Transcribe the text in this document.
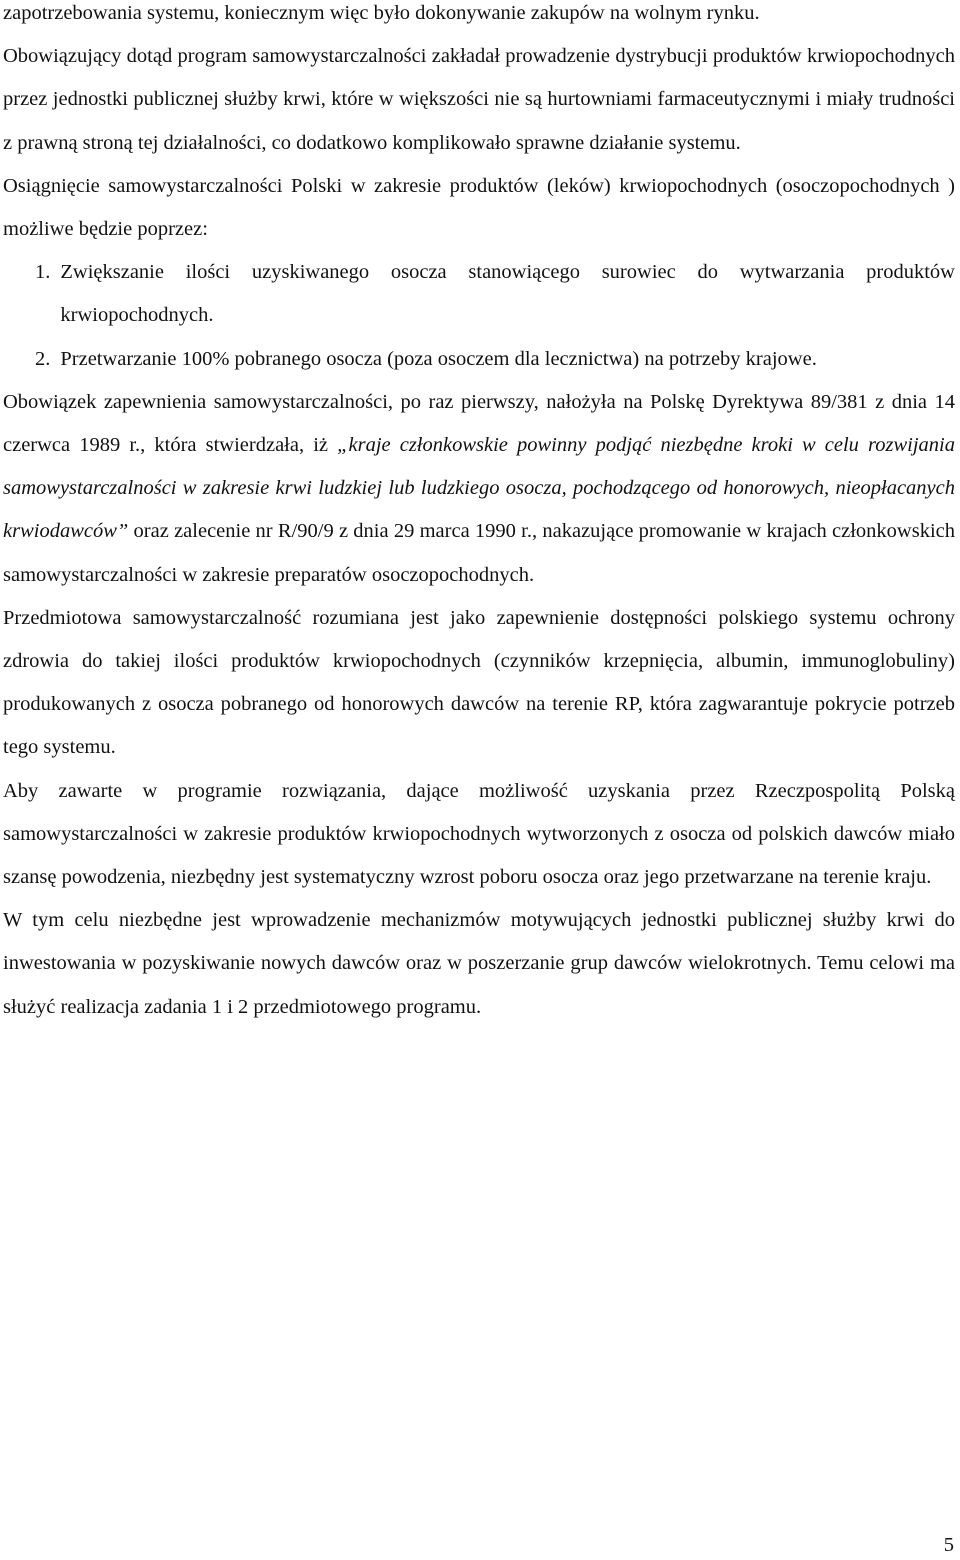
zapotrzebowania systemu, koniecznym więc było dokonywanie zakupów na wolnym rynku.

Obowiązujący dotąd program samowystarczalności zakładał prowadzenie dystrybucji produktów krwiopochodnych przez jednostki publicznej służby krwi, które w większości nie są hurtowniami farmaceutycznymi i miały trudności z prawną stroną tej działalności, co dodatkowo komplikowało sprawne działanie systemu.

Osiągnięcie samowystarczalności Polski w zakresie produktów (leków) krwiopochodnych (osoczopochodnych ) możliwe będzie poprzez:

1. Zwiększanie ilości uzyskiwanego osocza stanowiącego surowiec do wytwarzania produktów krwiopochodnych.
2. Przetwarzanie 100% pobranego osocza (poza osoczem dla lecznictwa) na potrzeby krajowe.

Obowiązek zapewnienia samowystarczalności, po raz pierwszy, nałożyła na Polskę Dyrektywa 89/381 z dnia 14 czerwca 1989 r., która stwierdzała, iż „kraje członkowskie powinny podjąć niezbędne kroki w celu rozwijania samowystarczalności w zakresie krwi ludzkiej lub ludzkiego osocza, pochodzącego od honorowych, nieopłacanych krwiodawców” oraz zalecenie nr R/90/9 z dnia 29 marca 1990 r., nakazujące promowanie w krajach członkowskich samowystarczalności w zakresie preparatów osoczopochodnych.

Przedmiotowa samowystarczalność rozumiana jest jako zapewnienie dostępności polskiego systemu ochrony zdrowia do takiej ilości produktów krwiopochodnych (czynników krzepnięcia, albumin, immunoglobuliny) produkowanych z osocza pobranego od honorowych dawców na terenie RP, która zagwarantuje pokrycie potrzeb tego systemu.

Aby zawarte w programie rozwiązania, dające możliwość uzyskania przez Rzeczpospolitą Polską samowystarczalności w zakresie produktów krwiopochodnych wytworzonych z osocza od polskich dawców miało szansę powodzenia, niezbędny jest systematyczny wzrost poboru osocza oraz jego przetwarzane na terenie kraju.

W tym celu niezbędne jest wprowadzenie mechanizmów motywujących jednostki publicznej służby krwi do inwestowania w pozyskiwanie nowych dawców oraz w poszerzanie grup dawców wielokrotnych. Temu celowi ma służyć realizacja zadania 1 i 2 przedmiotowego programu.

5
